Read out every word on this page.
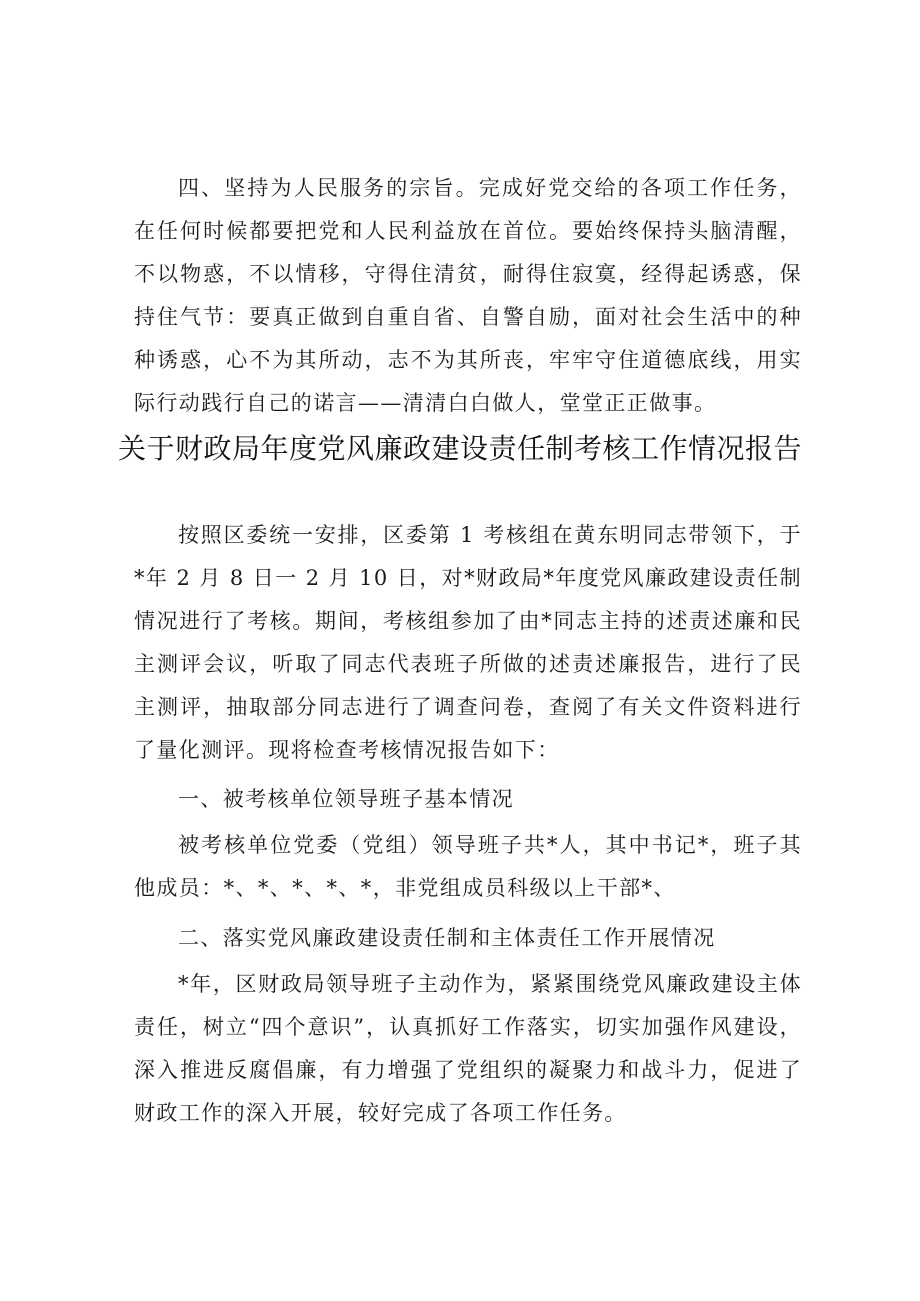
四、坚持为人民服务的宗旨。完成好党交给的各项工作任务，在任何时候都要把党和人民利益放在首位。要始终保持头脑清醒，不以物惑，不以情移，守得住清贫，耐得住寂寞，经得起诱惑，保持住气节：要真正做到自重自省、自警自励，面对社会生活中的种种诱惑，心不为其所动，志不为其所丧，牢牢守住道德底线，用实际行动践行自己的诺言——清清白白做人，堂堂正正做事。

关于财政局年度党风廉政建设责任制考核工作情况报告

按照区委统一安排，区委第 1 考核组在黄东明同志带领下，于*年 2 月 8 日一 2 月 10 日，对*财政局*年度党风廉政建设责任制情况进行了考核。期间，考核组参加了由*同志主持的述责述廉和民主测评会议，听取了同志代表班子所做的述责述廉报告，进行了民主测评，抽取部分同志进行了调查问卷，查阅了有关文件资料进行了量化测评。现将检查考核情况报告如下：

一、被考核单位领导班子基本情况

被考核单位党委（党组）领导班子共*人，其中书记*，班子其他成员：*、*、*、*、*，非党组成员科级以上干部*、

二、落实党风廉政建设责任制和主体责任工作开展情况

*年，区财政局领导班子主动作为，紧紧围绕党风廉政建设主体责任，树立“四个意识”，认真抓好工作落实，切实加强作风建设，深入推进反腐倡廉，有力增强了党组织的凝聚力和战斗力，促进了财政工作的深入开展，较好完成了各项工作任务。
